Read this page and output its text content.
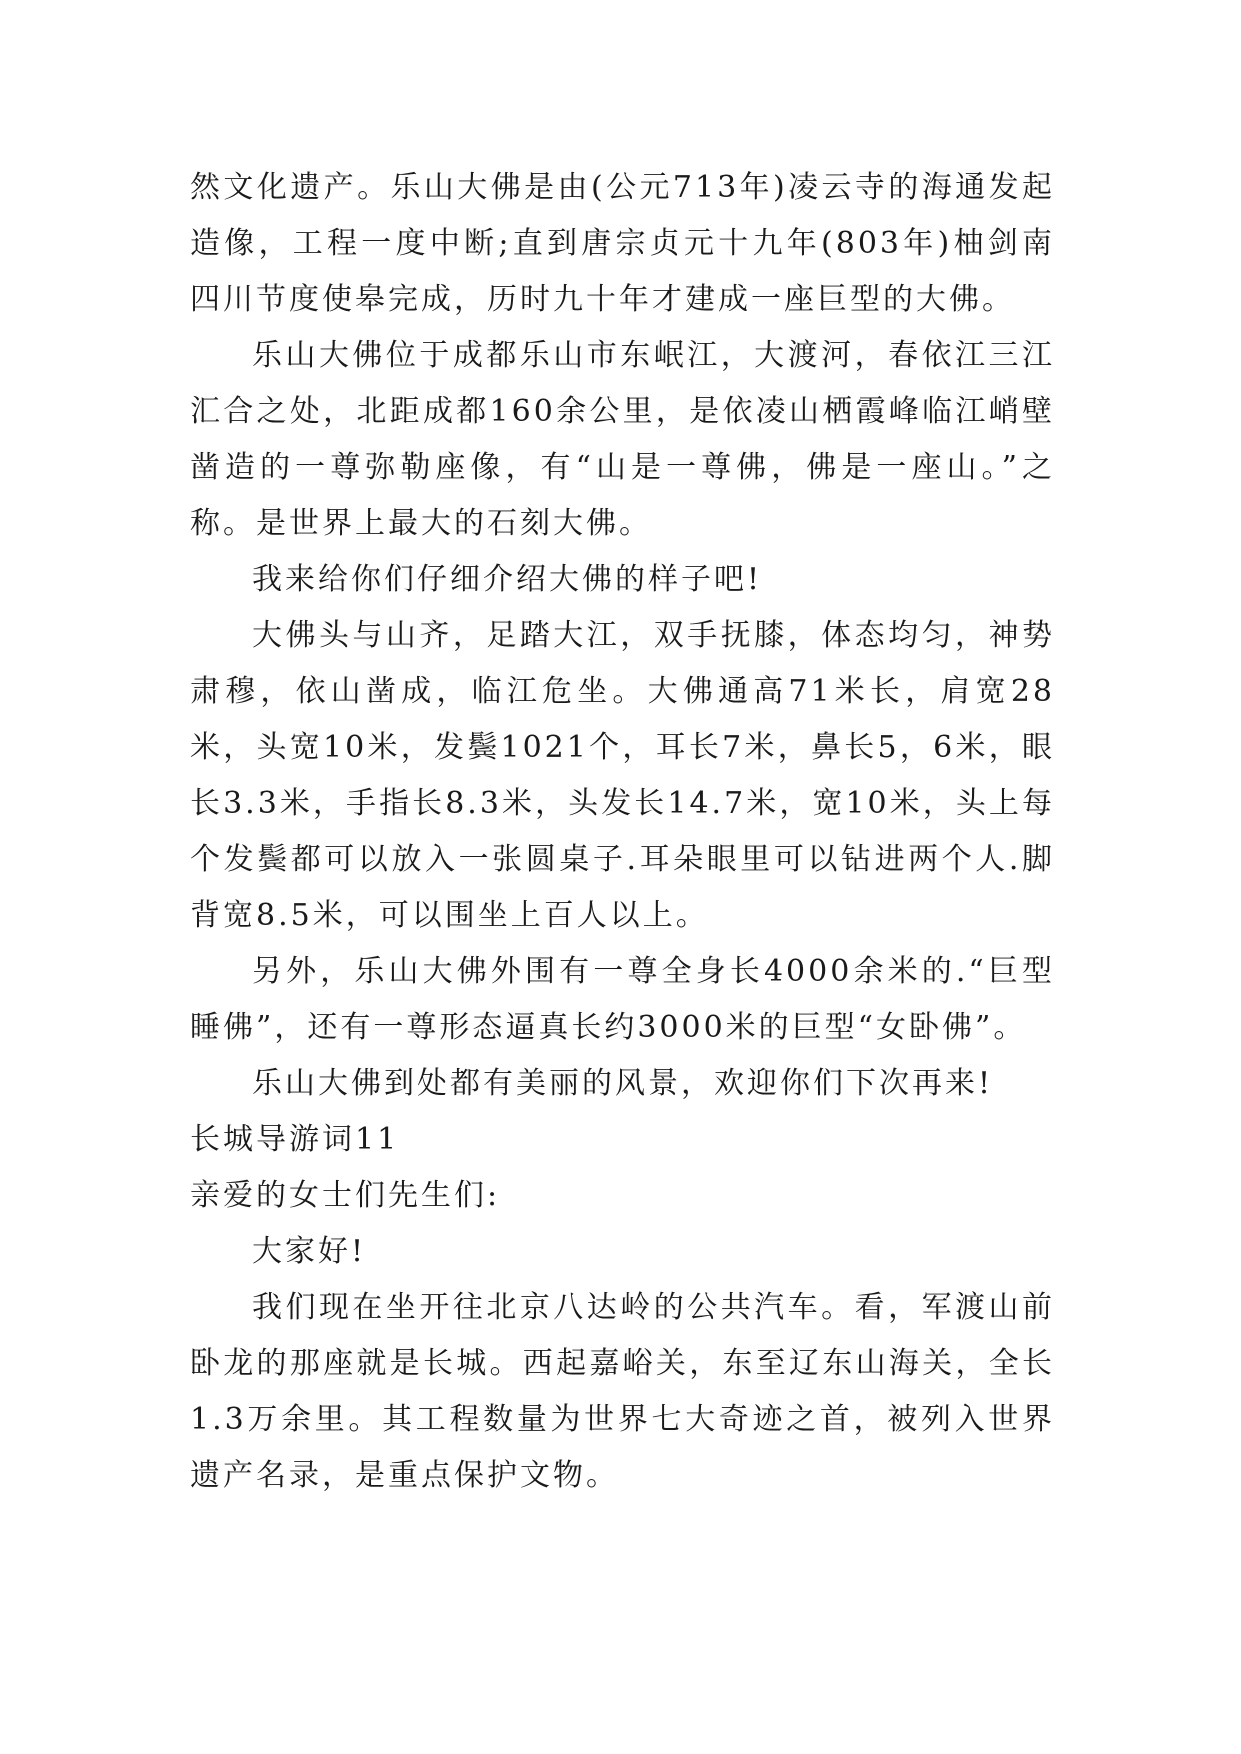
然文化遗产。乐山大佛是由(公元713年)凌云寺的海通发起造像，工程一度中断;直到唐宗贞元十九年(803年)柚剑南四川节度使皋完成，历时九十年才建成一座巨型的大佛。

乐山大佛位于成都乐山市东岷江，大渡河，春依江三江汇合之处，北距成都160余公里，是依凌山栖霞峰临江峭壁凿造的一尊弥勒座像，有“山是一尊佛，佛是一座山。”之称。是世界上最大的石刻大佛。

我来给你们仔细介绍大佛的样子吧!

大佛头与山齐，足踏大江，双手抚膝，体态均匀，神势肃穆，依山凿成，临江危坐。大佛通高71米长，肩宽28米，头宽10米，发鬓1021个，耳长7米，鼻长5，6米，眼长3.3米，手指长8.3米，头发长14.7米，宽10米，头上每个发鬓都可以放入一张圆桌子.耳朵眼里可以钻进两个人.脚背宽8.5米，可以围坐上百人以上。

另外，乐山大佛外围有一尊全身长4000余米的.“巨型睡佛”，还有一尊形态逼真长约3000米的巨型“女卧佛”。

乐山大佛到处都有美丽的风景，欢迎你们下次再来!

长城导游词11

亲爱的女士们先生们:

大家好!

我们现在坐开往北京八达岭的公共汽车。看，军渡山前卧龙的那座就是长城。西起嘉峪关，东至辽东山海关，全长1.3万余里。其工程数量为世界七大奇迹之首，被列入世界遗产名录，是重点保护文物。
